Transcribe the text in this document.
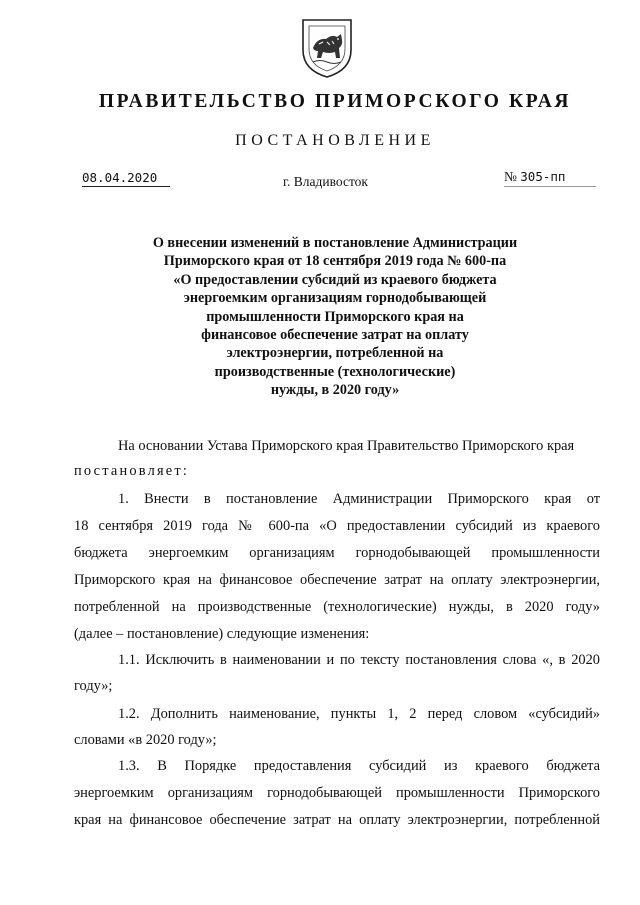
ПРАВИТЕЛЬСТВО ПРИМОРСКОГО КРАЯ
ПОСТАНОВЛЕНИЕ
08.04.2020	г. Владивосток	№ 305-пп
О внесении изменений в постановление Администрации
Приморского края от 18 сентября 2019 года № 600-па
«О предоставлении субсидий из краевого бюджета
энергоемким организациям горнодобывающей
промышленности Приморского края на
финансовое обеспечение затрат на оплату
электроэнергии, потребленной на
производственные (технологические)
нужды, в 2020 году»
На основании Устава Приморского края Правительство Приморского края
постановляет:
1. Внести в постановление Администрации Приморского края от
18 сентября 2019 года № 600-па «О предоставлении субсидий из краевого
бюджета энергоемким организациям горнодобывающей промышленности
Приморского края на финансовое обеспечение затрат на оплату электроэнергии,
потребленной на производственные (технологические) нужды, в 2020 году»
(далее – постановление) следующие изменения:
1.1. Исключить в наименовании и по тексту постановления слова «, в 2020
году»;
1.2. Дополнить наименование, пункты 1, 2 перед словом «субсидий»
словами «в 2020 году»;
1.3. В Порядке предоставления субсидий из краевого бюджета
энергоемким организациям горнодобывающей промышленности Приморского
края на финансовое обеспечение затрат на оплату электроэнергии, потребленной
